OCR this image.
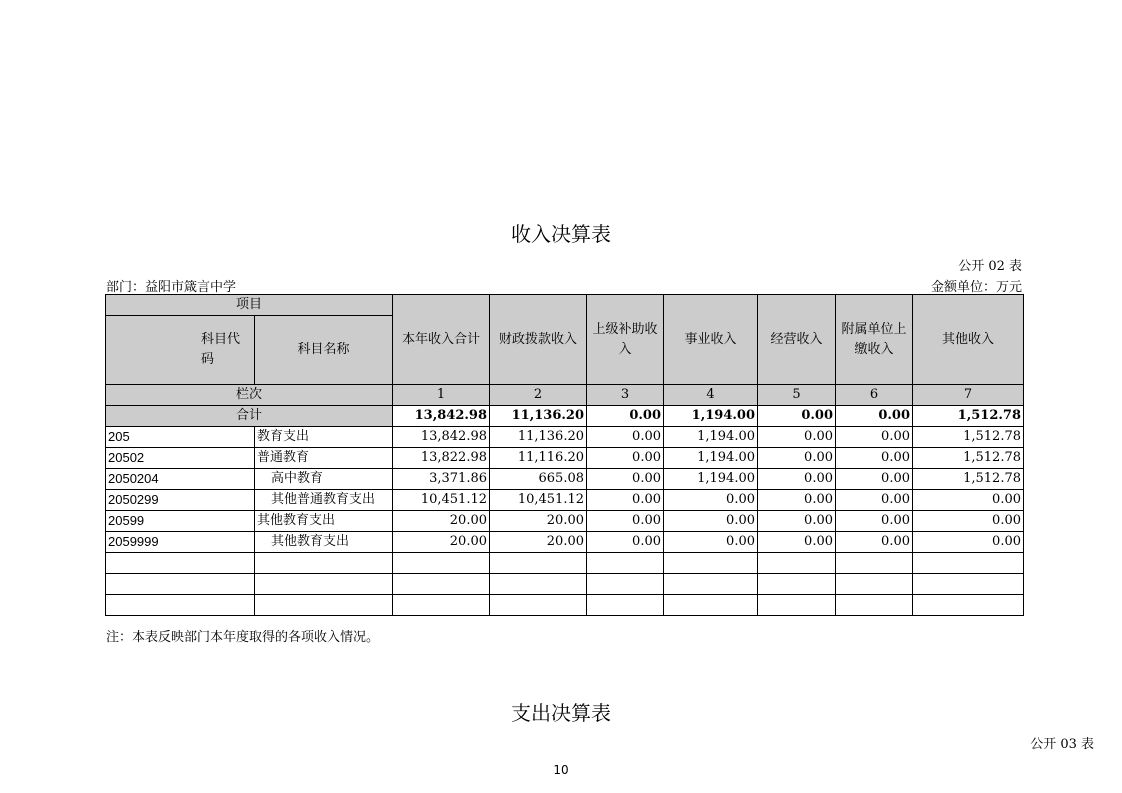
收入决算表
公开 02 表
部门：益阳市箴言中学	金额单位：万元
项目		本年收入合计	财政拨款收入	上级补助收入	事业收入	经营收入	附属单位上缴收入	其他收入
科目代码	科目名称							
栏次		1	2	3	4	5	6	7
合计		13,842.98	11,136.20	0.00	1,194.00	0.00	0.00	1,512.78
205	教育支出	13,842.98	11,136.20	0.00	1,194.00	0.00	0.00	1,512.78
20502	普通教育	13,822.98	11,116.20	0.00	1,194.00	0.00	0.00	1,512.78
2050204	高中教育	3,371.86	665.08	0.00	1,194.00	0.00	0.00	1,512.78
2050299	其他普通教育支出	10,451.12	10,451.12	0.00	0.00	0.00	0.00	0.00
20599	其他教育支出	20.00	20.00	0.00	0.00	0.00	0.00	0.00
2059999	其他教育支出	20.00	20.00	0.00	0.00	0.00	0.00	0.00

注：本表反映部门本年度取得的各项收入情况。
支出决算表
公开 03 表
10
